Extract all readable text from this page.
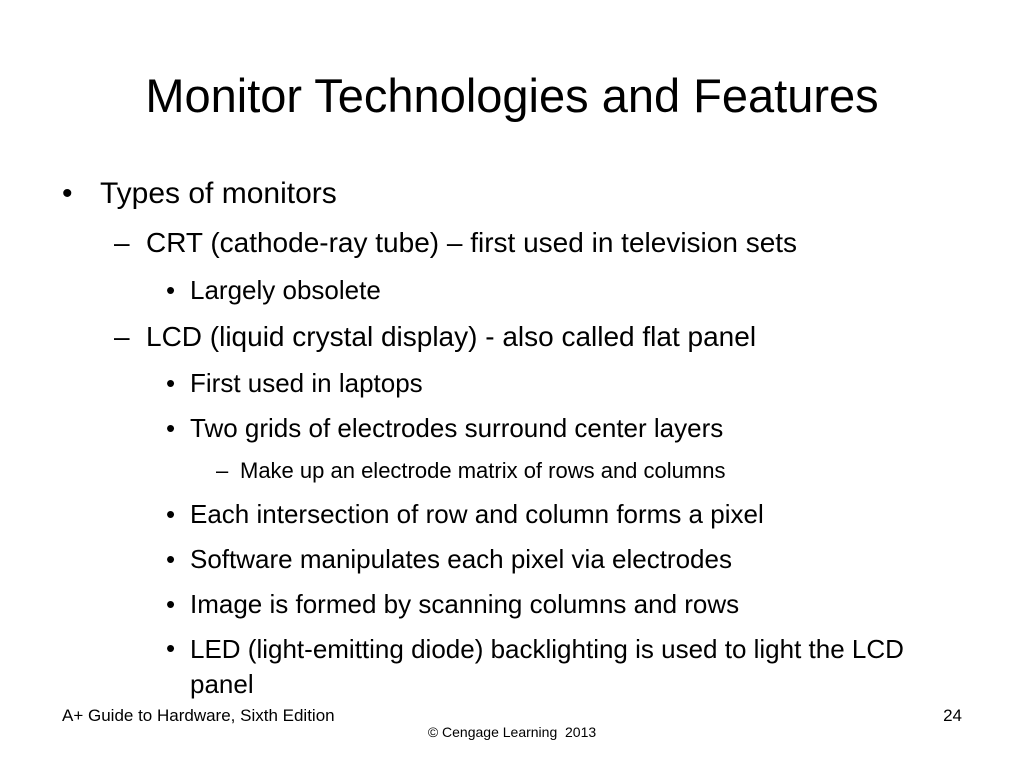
Monitor Technologies and Features
• Types of monitors
– CRT (cathode-ray tube) – first used in television sets
• Largely obsolete
– LCD (liquid crystal display) - also called flat panel
• First used in laptops
• Two grids of electrodes surround center layers
– Make up an electrode matrix of rows and columns
• Each intersection of row and column forms a pixel
• Software manipulates each pixel via electrodes
• Image is formed by scanning columns and rows
• LED (light-emitting diode) backlighting is used to light the LCD panel
A+ Guide to Hardware, Sixth Edition
© Cengage Learning  2013
24
